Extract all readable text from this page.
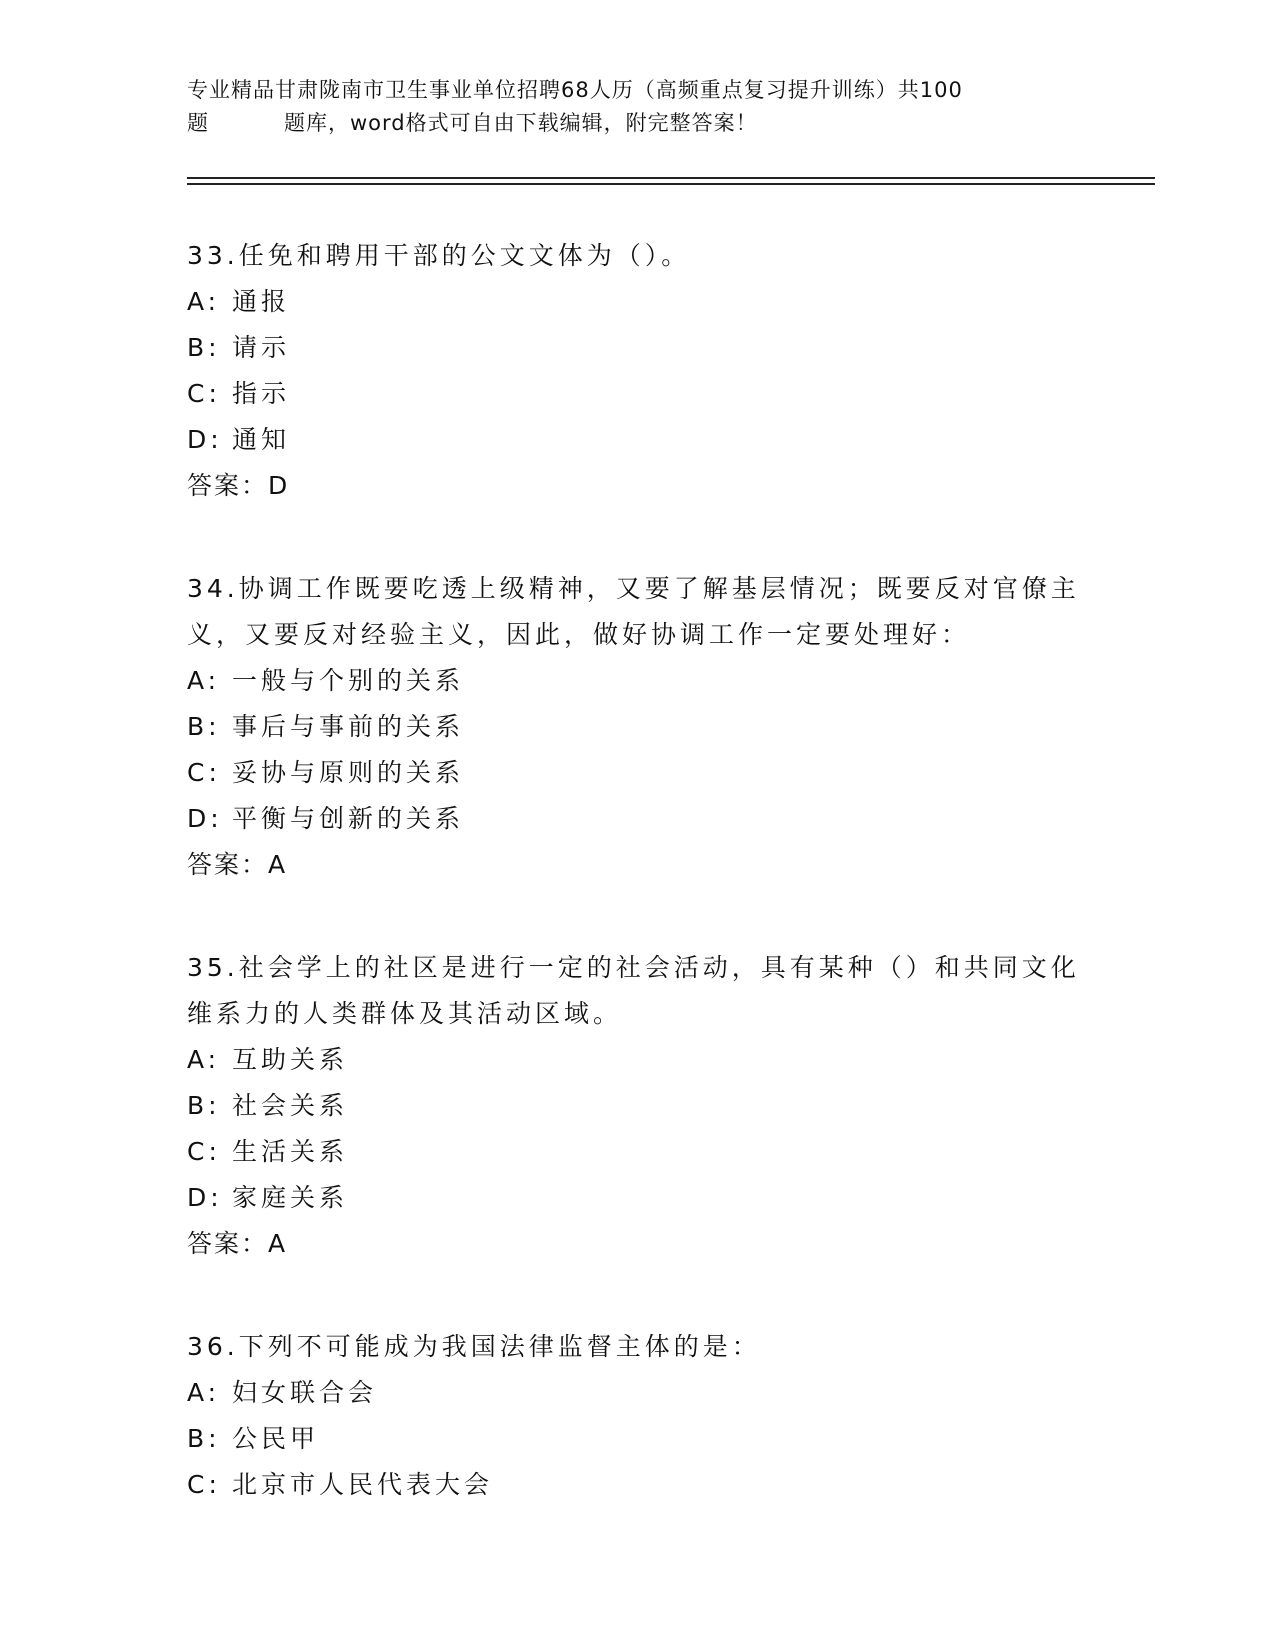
专业精品甘肃陇南市卫生事业单位招聘68人历（高频重点复习提升训练）共100
题	题库，word格式可自由下载编辑，附完整答案！

33.任免和聘用干部的公文文体为（）。

A: 通报

B: 请示

C: 指示

D: 通知

答案：D

34.协调工作既要吃透上级精神，又要了解基层情况；既要反对官僚主义，又要反对经验主义，因此，做好协调工作一定要处理好：

A: 一般与个别的关系

B: 事后与事前的关系

C: 妥协与原则的关系

D: 平衡与创新的关系

答案：A

35.社会学上的社区是进行一定的社会活动，具有某种（）和共同文化维系力的人类群体及其活动区域。

A: 互助关系

B: 社会关系

C: 生活关系

D: 家庭关系

答案：A

36.下列不可能成为我国法律监督主体的是：

A: 妇女联合会

B: 公民甲

C: 北京市人民代表大会
